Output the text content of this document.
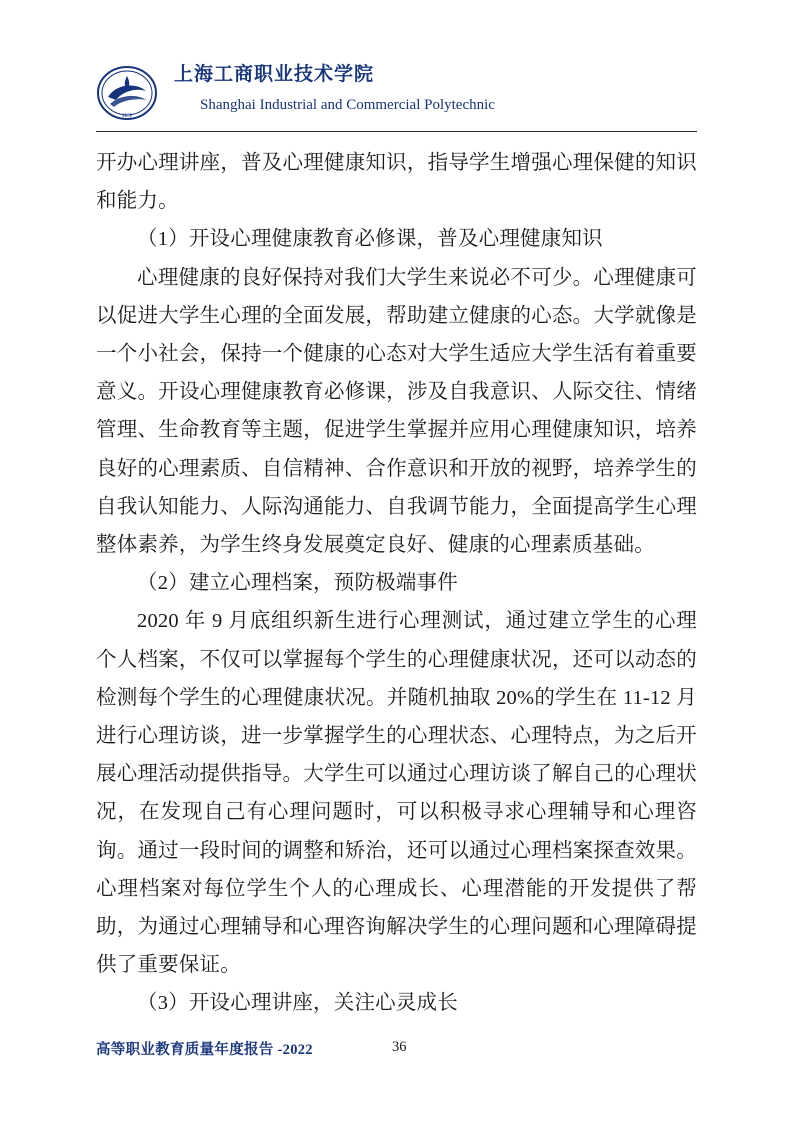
SICP
上海工商职业技术学院
Shanghai Industrial and Commercial Polytechnic

开办心理讲座，普及心理健康知识，指导学生增强心理保健的知识和能力。

（1）开设心理健康教育必修课，普及心理健康知识

心理健康的良好保持对我们大学生来说必不可少。心理健康可以促进大学生心理的全面发展，帮助建立健康的心态。大学就像是一个小社会，保持一个健康的心态对大学生适应大学生活有着重要意义。开设心理健康教育必修课，涉及自我意识、人际交往、情绪管理、生命教育等主题，促进学生掌握并应用心理健康知识，培养良好的心理素质、自信精神、合作意识和开放的视野，培养学生的自我认知能力、人际沟通能力、自我调节能力，全面提高学生心理整体素养，为学生终身发展奠定良好、健康的心理素质基础。

（2）建立心理档案，预防极端事件

2020 年 9 月底组织新生进行心理测试，通过建立学生的心理个人档案，不仅可以掌握每个学生的心理健康状况，还可以动态的检测每个学生的心理健康状况。并随机抽取 20%的学生在 11-12 月进行心理访谈，进一步掌握学生的心理状态、心理特点，为之后开展心理活动提供指导。大学生可以通过心理访谈了解自己的心理状况，在发现自己有心理问题时，可以积极寻求心理辅导和心理咨询。通过一段时间的调整和矫治，还可以通过心理档案探查效果。心理档案对每位学生个人的心理成长、心理潜能的开发提供了帮助，为通过心理辅导和心理咨询解决学生的心理问题和心理障碍提供了重要保证。

（3）开设心理讲座，关注心灵成长

高等职业教育质量年度报告 -2022	36
